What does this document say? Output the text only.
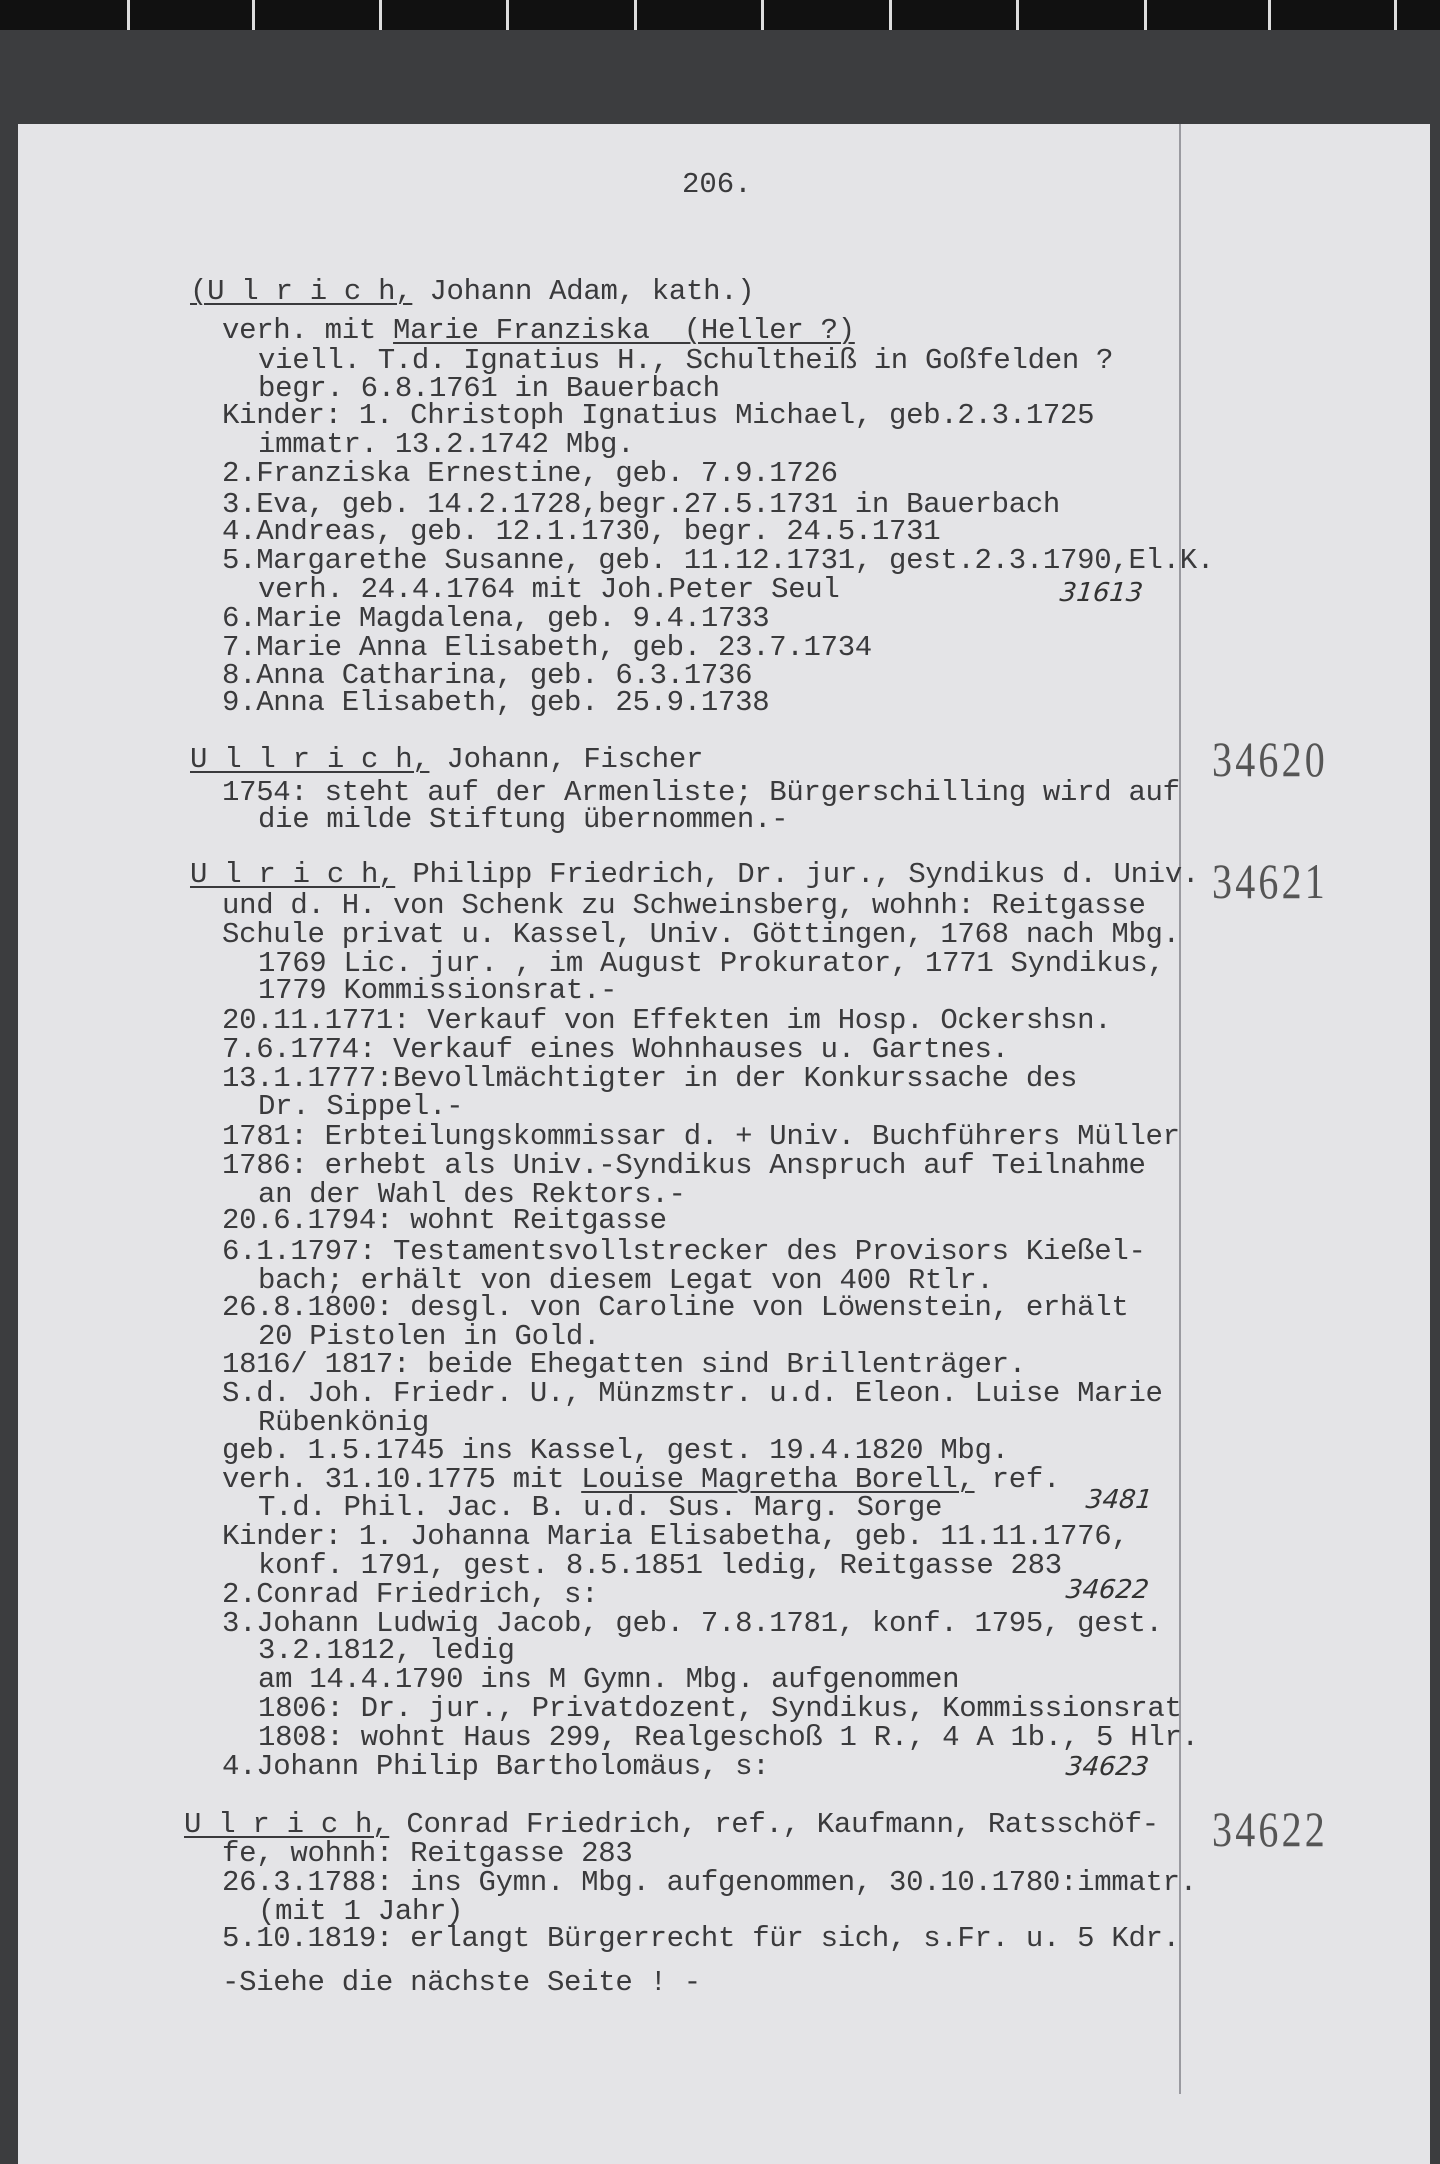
206.
(U l r i c h, Johann Adam, kath.)
verh. mit Marie Franziska  (Heller ?)
viell. T.d. Ignatius H., Schultheiß in Goßfelden ?
begr. 6.8.1761 in Bauerbach
Kinder: 1. Christoph Ignatius Michael, geb.2.3.1725
immatr. 13.2.1742 Mbg.
2.Franziska Ernestine, geb. 7.9.1726
3.Eva, geb. 14.2.1728,begr.27.5.1731 in Bauerbach
4.Andreas, geb. 12.1.1730, begr. 24.5.1731
5.Margarethe Susanne, geb. 11.12.1731, gest.2.3.1790,El.K.
verh. 24.4.1764 mit Joh.Peter Seul
6.Marie Magdalena, geb. 9.4.1733
7.Marie Anna Elisabeth, geb. 23.7.1734
8.Anna Catharina, geb. 6.3.1736
9.Anna Elisabeth, geb. 25.9.1738
31613
U l l r i c h, Johann, Fischer	34620
1754: steht auf der Armenliste; Bürgerschilling wird auf
die milde Stiftung übernommen.-
U l r i c h, Philipp Friedrich, Dr. jur., Syndikus d. Univ. 34621
und d. H. von Schenk zu Schweinsberg, wohnh: Reitgasse
Schule privat u. Kassel, Univ. Göttingen, 1768 nach Mbg.
1769 Lic. jur. , im August Prokurator, 1771 Syndikus,
1779 Kommissionsrat.-
20.11.1771: Verkauf von Effekten im Hosp. Ockershsn.
7.6.1774: Verkauf eines Wohnhauses u. Gartnes.
13.1.1777:Bevollmächtigter in der Konkurssache des
Dr. Sippel.-
1781: Erbteilungskommissar d. + Univ. Buchführers Müller
1786: erhebt als Univ.-Syndikus Anspruch auf Teilnahme
an der Wahl des Rektors.-
20.6.1794: wohnt Reitgasse
6.1.1797: Testamentsvollstrecker des Provisors Kießel-
bach; erhält von diesem Legat von 400 Rtlr.
26.8.1800: desgl. von Caroline von Löwenstein, erhält
20 Pistolen in Gold.
1816/ 1817: beide Ehegatten sind Brillenträger.
S.d. Joh. Friedr. U., Münzmstr. u.d. Eleon. Luise Marie
Rübenkönig
geb. 1.5.1745 ins Kassel, gest. 19.4.1820 Mbg.
verh. 31.10.1775 mit Louise Magretha Borell, ref.
T.d. Phil. Jac. B. u.d. Sus. Marg. Sorge
Kinder: 1. Johanna Maria Elisabetha, geb. 11.11.1776,
konf. 1791, gest. 8.5.1851 ledig, Reitgasse 283
2.Conrad Friedrich, s:
3.Johann Ludwig Jacob, geb. 7.8.1781, konf. 1795, gest.
3.2.1812, ledig
am 14.4.1790 ins M Gymn. Mbg. aufgenommen
1806: Dr. jur., Privatdozent, Syndikus, Kommissionsrat
1808: wohnt Haus 299, Realgeschoß 1 R., 4 A 1b., 5 Hlr.
4.Johann Philip Bartholomäus, s:
3481
34622
34623
U l r i c h, Conrad Friedrich, ref., Kaufmann, Ratsschöf- 34622
fe, wohnh: Reitgasse 283
26.3.1788: ins Gymn. Mbg. aufgenommen, 30.10.1780:immatr.
(mit 1 Jahr)
5.10.1819: erlangt Bürgerrecht für sich, s.Fr. u. 5 Kdr.
-Siehe die nächste Seite ! -
